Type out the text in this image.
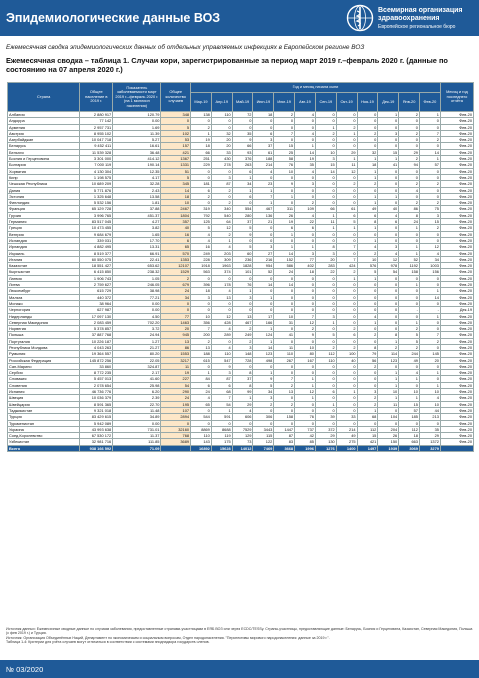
Эпидемиологические данные ВОЗ
Всемирная организация
здравоохранения
Европейское региональное бюро
Ежемесячная сводка эпидемиологических данных об отдельных управляемых инфекциях в Европейском регионе ВОЗ
Ежемесячная сводка – таблица 1. Случаи кори, зарегистрированные за период март 2019 г.–февраль 2020 г. (данные по состоянию на 07 апреля 2020 г.)
Страна	Общее население в 2019 г.	Показатель заболеваемости март 2019 г.–февраль 2020 г. (на 1 миллион населения)	Общее количество случаев	Год и месяц начала сыпи												Месяц и год последнего отчёта
				Мар-19	Апр-19	Май-19	Июн-19	Июл-19	Авг-19	Сен-19	Окт-19	Ноя-19	Дек-19	Янв-20	Фев-20	
Албания	2 880 917	120.79	348	138	110	72	18	2	4	0	0	0	1	2	1	Фев-20
Андорра	77 142	0.00	0	0	0	0	0	0	0	0	0	0	0	0	0	Фев-20
Армения	2 957 731	1.69	5	2	0	0	0	0	0	1	2	0	0	0	0	Фев-20
Австрия	8 955 102	11.39	102	1	32	35	6	7	4	2	1	2	3	2	7	Фев-20
Азербайджан	10 047 718	5.27	53	19	20	9	3	0	0	0	0	0	0	0	2	Фев-20
Беларусь	9 452 411	16.61	157	18	20	66	37	15	1	0	0	0	0	0	0	Фев-20
Бельгия	11 539 328	36.48	421	66	33	93	61	25	14	10	29	32	15	29	14	Фев-20
Босния и Герцеговина	3 301 000	414.12	1367	251	430	376	188	58	19	3	1	1	1	2	1	Фев-20
Болгария	7 000 119	190.14	1331	229	278	263	214	76	35	15	11	18	41	94	57	Фев-20
Хорватия	4 130 304	12.35	51	0	0	6	4	10	4	14	12	1	0	0	0	Фев-20
Кипр	1 198 575	4.17	5	0	3	1	0	0	0	0	0	1	0	0	0	Фев-20
Чешская Республика	10 689 209	32.28	345	181	87	34	23	9	3	0	2	2	0	2	2	Фев-20
Дания	5 771 876	2.43	14	6	2	1	1	0	0	0	0	0	0	4	0	Фев-20
Эстония	1 325 648	13.58	18	2	0	6	7	1	0	0	0	1	1	0	0	Фев-20
Финляндия	5 532 156	1.81	10	0	2	0	1	0	2	0	0	1	0	2	2	Фев-20
Франция	65 129 728	37.88	2467	319	340	554	467	311	109	66	61	49	40	86	75	Фев-20
Грузия	3 996 765	451.37	1804	792	540	280	136	26	4	1	6	6	4	8	3	Фев-20
Германия	83 517 045	4.27	357	125	64	37	21	19	22	11	5	8	6	24	15	Фев-20
Греция	10 473 455	3.82	40	5	12	5	0	6	6	1	1	1	0	1	2	Фев-20
Венгрия	9 684 679	1.65	16	4	2	9	0	1	0	0	0	0	0	0	0	Фев-20
Исландия	339 031	17.70	6	4	1	0	0	0	0	0	0	1	0	0	0	Фев-20
Ирландия	4 882 495	13.31	65	16	4	5	3	1	1	8	7	4	3	1	12	Фев-20
Израиль	8 519 377	66.91	570	249	203	60	27	14	3	3	0	2	4	1	4	Фев-20
Италия	60 550 075	22.41	1353	228	309	236	216	152	77	20	7	10	12	52	34	Фев-20
Казахстан	18 551 427	653.62	12107	1918	1963	1828	954	586	402	283	424	576	978	1192	1003	Фев-20
Кыргызстан	6 415 850	238.32	1529	563	374	101	52	24	18	22	2	5	54	158	156	Фев-20
Латвия	1 906 743	1.05	2	0	0	0	0	0	0	0	1	1	0	0	0	Фев-20
Литва	2 759 627	246.05	679	396	178	76	14	14	0	0	0	0	0	1	0	Фев-20
Люксембург	615 729	38.98	24	18	4	1	0	0	0	0	0	0	0	0	1	Фев-20
Мальта	440 372	77.21	34	3	13	3	1	0	0	0	0	0	0	0	14	Фев-20
Монако	38 964	0.00	0	0	0	0	0	0	0	0	0	0	0	0	0	Фев-20
Черногория	627 987	0.00	0	0	0	0	0	0	0	0	0	0	0	-	-	Дек-19
Нидерланды	17 097 130	4.50	77	10	12	13	17	10	7	3	0	4	0	0	1	Фев-20
Северная Македония	2 083 459	702.20	1463	356	428	467	166	31	12	1	0	1	0	1	0	Фев-20
Норвегия	5 378 857	3.72	20	7	4	2	1	0	2	0	2	0	0	2	0	Фев-20
Польша	37 887 768	24.94	945	200	289	249	124	41	9	5	6	2	8	5	7	Фев-20
Португалия	10 226 187	1.27	13	2	0	2	1	0	0	0	0	0	1	5	2	Фев-20
Республика Молдова	4 043 263	21.27	86	13	4	3	14	11	10	2	2	8	2	2	0	Фев-20
Румыния	19 364 557	80.20	1553	188	110	148	123	110	80	112	100	79	114	244	145	Фев-20
Российская Федерация	145 872 256	22.05	3217	615	547	728	498	267	167	110	40	56	123	49	20	Фев-20
Сан-Марино	33 860	324.87	11	0	9	0	0	0	0	0	0	2	0	0	0	Фев-20
Сербия	8 772 235	2.17	19	1	3	8	1	0	0	0	0	0	1	4	1	Фев-20
Словакия	5 457 013	41.60	227	84	87	37	9	7	1	0	0	0	1	1	0	Фев-20
Словения	2 078 654	25.98	54	6	6	8	5	2	1	0	0	0	1	0	1	Фев-20
Испания	46 736 776	6.20	290	24	68	99	34	13	12	6	1	3	10	10	10	Фев-20
Швеция	10 036 379	2.39	24	4	7	1	3	0	1	0	0	2	1	1	4	Фев-20
Швейцария	8 591 365	22.70	195	65	54	29	2	2	0	1	0	2	11	15	10	Фев-20
Таджикистан	9 321 018	11.48	107	0	1	4	0	0	0	0	0	1	0	57	44	Фев-20
Турция	83 429 615	34.89	2894	544	591	606	306	158	76	39	33	68	104	185	213	Фев-20
Туркменистан	5 942 089	0.00	0	0	0	0	0	0	0	0	0	0	0	0	0	Фев-20
Украина	43 993 638	731.01	32160	8869	8688	7529	3443	1447	737	372	214	112	204	112	35	Фев-20
Соед.Королевство	67 530 172	11.37	768	110	119	129	115	87	42	29	49	15	26	18	29	Фев-20
Узбекистан	32 981 716	111.85	3689	143	175	73	122	83	85	130	275	421	150	663	1372	Фев-20
Всего	938 166 592	71.09		16892	15628	14012	7469	3668	1996	1276	1400	1497	1939	3069	3279	
Источник данных: Ежемесячные сводные данные по случаям заболевания, предоставленные странами-участницами в ЕЯБ ВОЗ или через ECDC/TESSy. Страны-участницы, предоставляющие данные: Беларусь, Босния и Герцеговина, Казахстан, Северная Македония, Польша (с фев 2019 г.) и Турция.
Источник: Организация Объединённых Наций, Департамент по экономическим и социальным вопросам, Отдел народонаселения. "Перспективы мирового народонаселения: данные за 2019 г.".
Таблица 1-4: Критерии для учёта случаев могут отличаться в соответствии с системами эпиднадзора государств-членов.
№ 03/2020
